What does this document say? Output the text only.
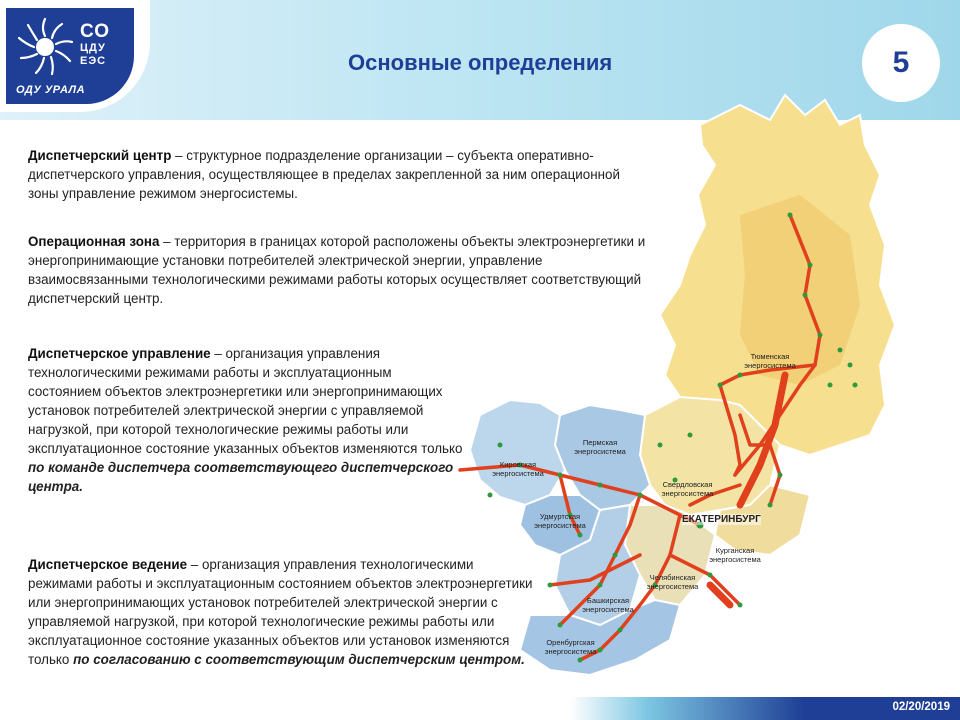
СО
ЦДУ
ЕЭС
ОДУ УРАЛА
Основные определения	5
Тюменская энергосистема
Пермская энергосистема
Кировская энергосистема
Свердловская энергосистема
Удмуртская энергосистема
Курганская энергосистема
Челябинская энергосистема
Башкирская энергосистема
Оренбургская энергосистема
ЕКАТЕРИНБУРГ
Диспетчерский центр – структурное подразделение организации – субъекта оперативно-диспетчерского управления, осуществляющее в пределах закрепленной за ним операционной зоны управление режимом энергосистемы.
Операционная зона – территория в границах которой расположены объекты электроэнергетики и энергопринимающие установки потребителей электрической энергии, управление взаимосвязанными технологическими режимами работы которых осуществляет соответствующий диспетчерский центр.
Диспетчерское управление – организация управления технологическими режимами работы и эксплуатационным состоянием объектов электроэнергетики или энергопринимающих установок потребителей электрической энергии с управляемой нагрузкой, при которой технологические режимы работы или эксплуатационное состояние указанных объектов изменяются только по команде диспетчера соответствующего диспетчерского центра.
Диспетчерское ведение – организация управления технологическими режимами работы и эксплуатационным состоянием объектов электроэнергетики или энергопринимающих установок потребителей электрической энергии с управляемой нагрузкой, при которой технологические режимы работы или эксплуатационное состояние указанных объектов или установок изменяются только по согласованию с соответствующим диспетчерским центром.
02/20/2019
